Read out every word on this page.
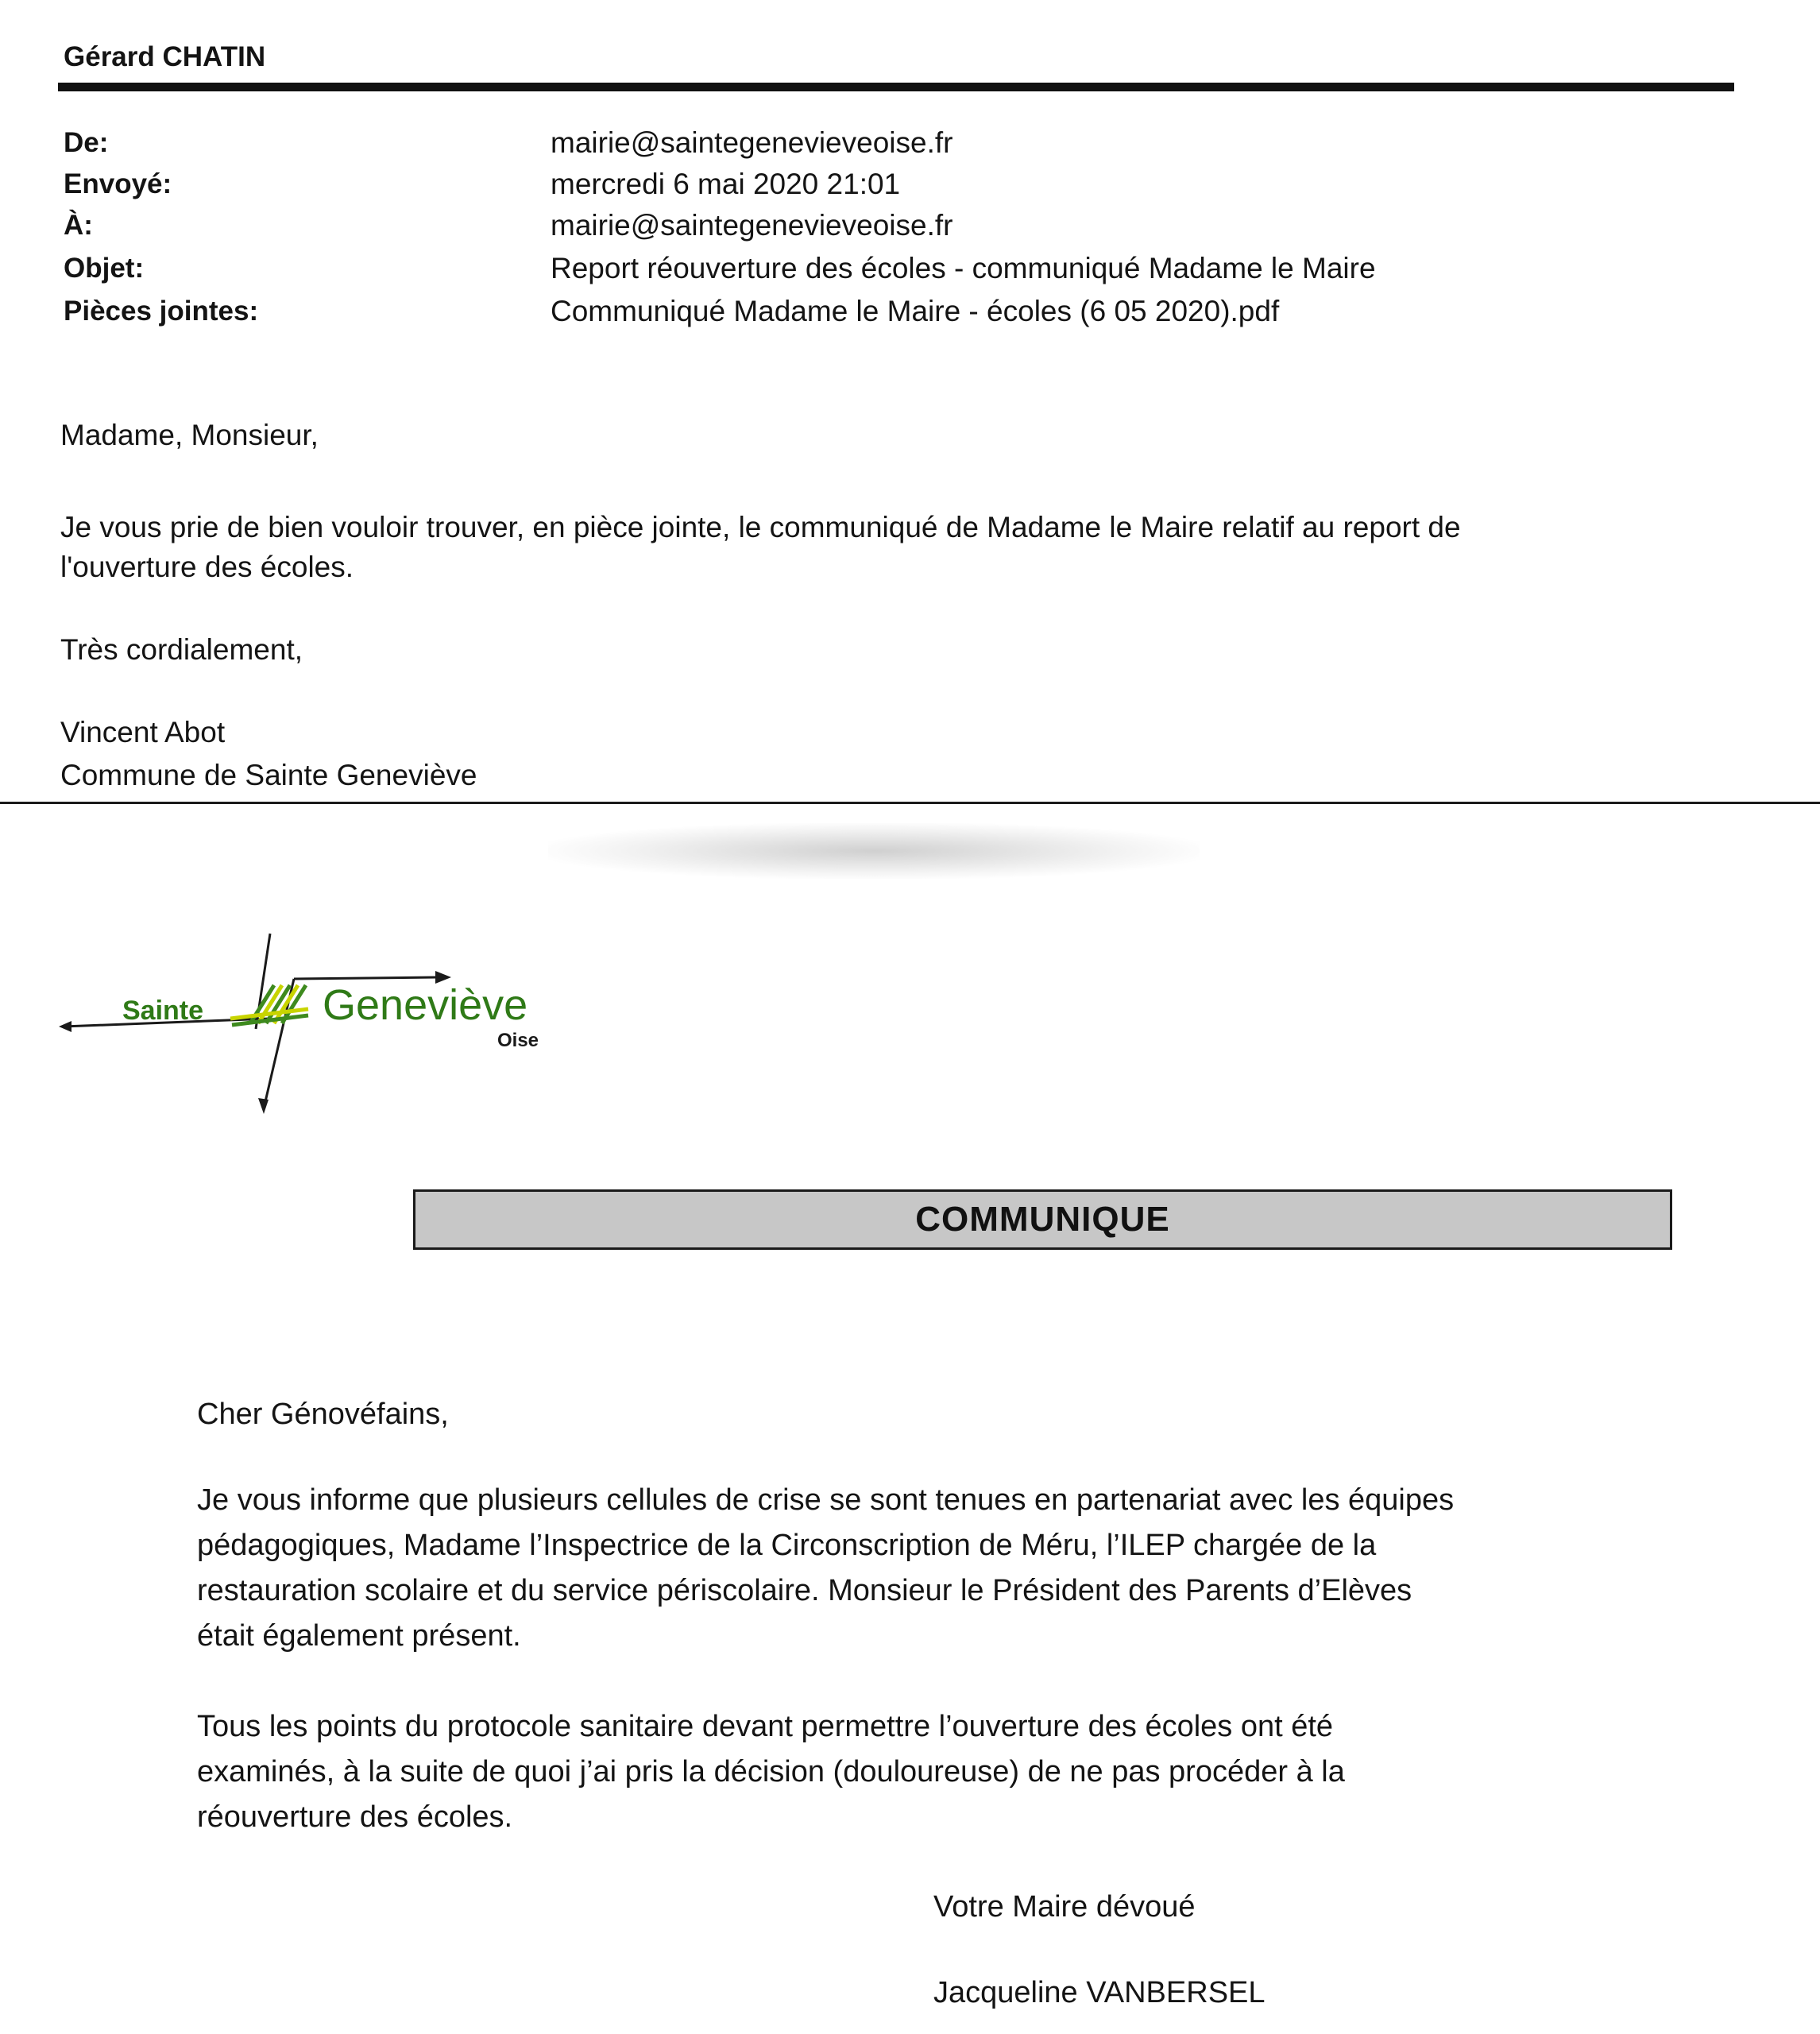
Gérard CHATIN
De:	mairie@saintegenevieveoise.fr
Envoyé:	mercredi 6 mai 2020 21:01
À:	mairie@saintegenevieveoise.fr
Objet:	Report réouverture des écoles - communiqué Madame le Maire
Pièces jointes:	Communiqué Madame le Maire - écoles (6 05 2020).pdf
Madame, Monsieur,
Je vous prie de bien vouloir trouver, en pièce jointe, le communiqué de Madame le Maire relatif au report de
l'ouverture des écoles.
Très cordialement,
Vincent Abot
Commune de Sainte Geneviève
Sainte	Geneviève
Oise
COMMUNIQUE
Cher Génovéfains,
Je vous informe que plusieurs cellules de crise se sont tenues en partenariat avec les équipes
pédagogiques, Madame l’Inspectrice de la Circonscription de Méru, l’ILEP chargée de la
restauration scolaire et du service périscolaire. Monsieur le Président des Parents d’Elèves
était également présent.
Tous les points du protocole sanitaire devant permettre l’ouverture des écoles ont été
examinés, à la suite de quoi j’ai pris la décision (douloureuse) de ne pas procéder à la
réouverture des écoles.
Votre Maire dévoué
Jacqueline VANBERSEL
